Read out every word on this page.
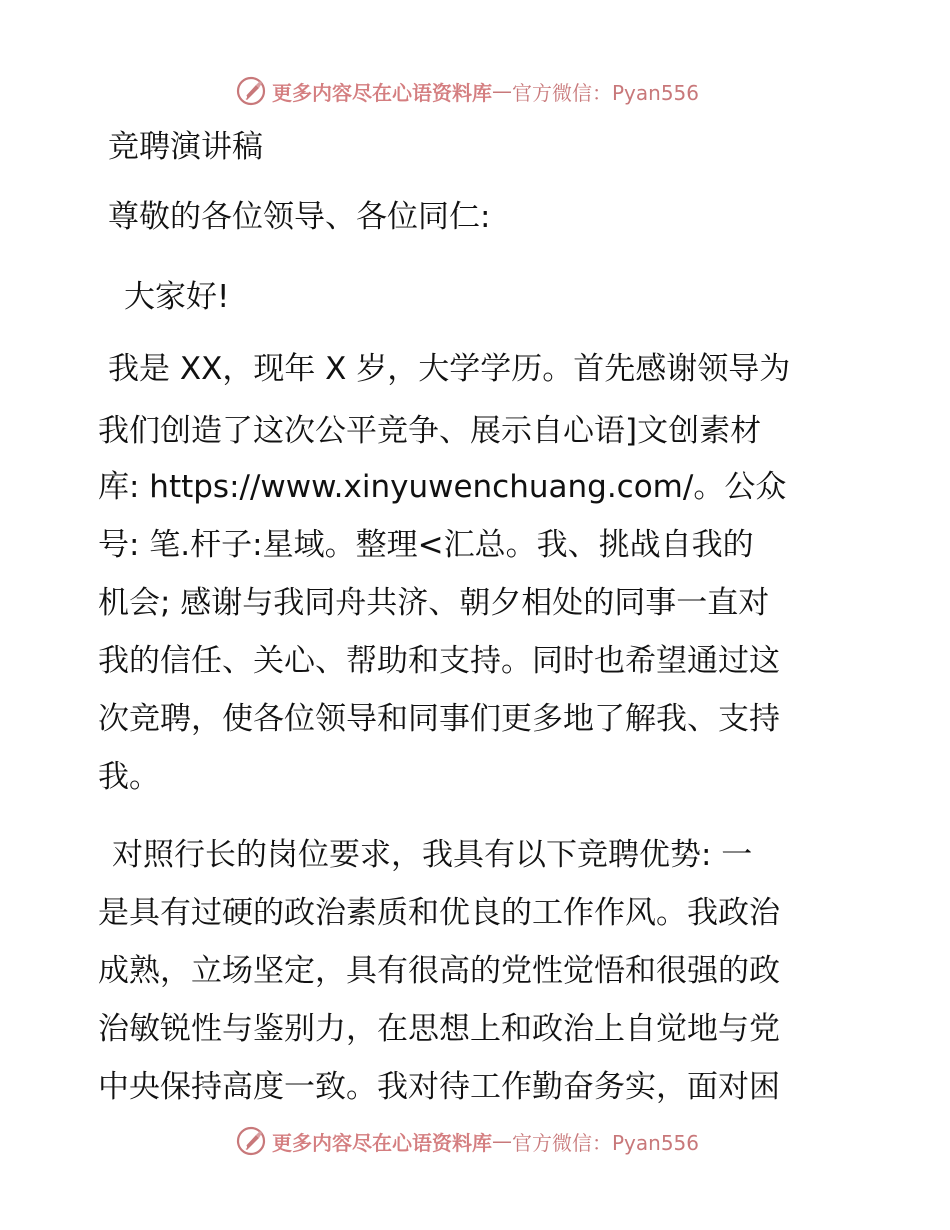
更多内容尽在心语资料库 — 官方微信：Pyan556
竞聘演讲稿
尊敬的各位领导、各位同仁:
大家好!
我是 XX，现年 X 岁，大学学历。首先感谢领导为
我们创造了这次公平竞争、展示自心语]文创素材
库: https://www.xinyuwenchuang.com/。公众
号: 笔.杆子:星域。整理<汇总。我、挑战自我的
机会; 感谢与我同舟共济、朝夕相处的同事一直对
我的信任、关心、帮助和支持。同时也希望通过这
次竞聘，使各位领导和同事们更多地了解我、支持
我。
对照行长的岗位要求，我具有以下竞聘优势: 一
是具有过硬的政治素质和优良的工作作风。我政治
成熟，立场坚定，具有很高的党性觉悟和很强的政
治敏锐性与鉴别力，在思想上和政治上自觉地与党
中央保持高度一致。我对待工作勤奋务实，面对困
更多内容尽在心语资料库 — 官方微信：Pyan556
